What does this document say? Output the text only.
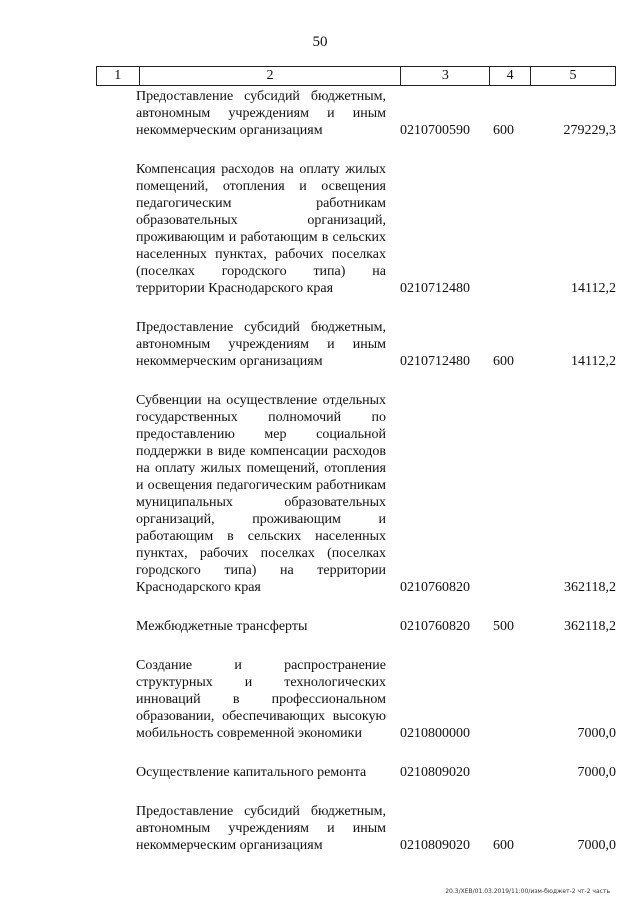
50
1	2	3	4	5
Предоставление субсидий бюджетным, автономным учреждениям и иным некоммерческим организациям	0210700590 600	279229,3
Компенсация расходов на оплату жилых помещений, отопления и освещения педагогическим работникам образовательных организаций, проживающим и работающим в сельских населенных пунктах, рабочих поселках (поселках городского типа) на территории Краснодарского края	0210712480	14112,2
Предоставление субсидий бюджетным, автономным учреждениям и иным некоммерческим организациям	0210712480 600	14112,2
Субвенции на осуществление отдельных государственных полномочий по предоставлению мер социальной поддержки в виде компенсации расходов на оплату жилых помещений, отопления и освещения педагогическим работникам муниципальных образовательных организаций, проживающим и работающим в сельских населенных пунктах, рабочих поселках (поселках городского типа) на территории Краснодарского края	0210760820	362118,2
Межбюджетные трансферты	0210760820 500	362118,2
Создание и распространение структурных и технологических инноваций в профессиональном образовании, обеспечивающих высокую мобильность современной экономики	0210800000	7000,0
Осуществление капитального ремонта	0210809020	7000,0
Предоставление субсидий бюджетным, автономным учреждениям и иным некоммерческим организациям	0210809020 600	7000,0
20.3/ХЕВ/01.03.2019/11:00/изм-бюджет-2 чт-2 часть
